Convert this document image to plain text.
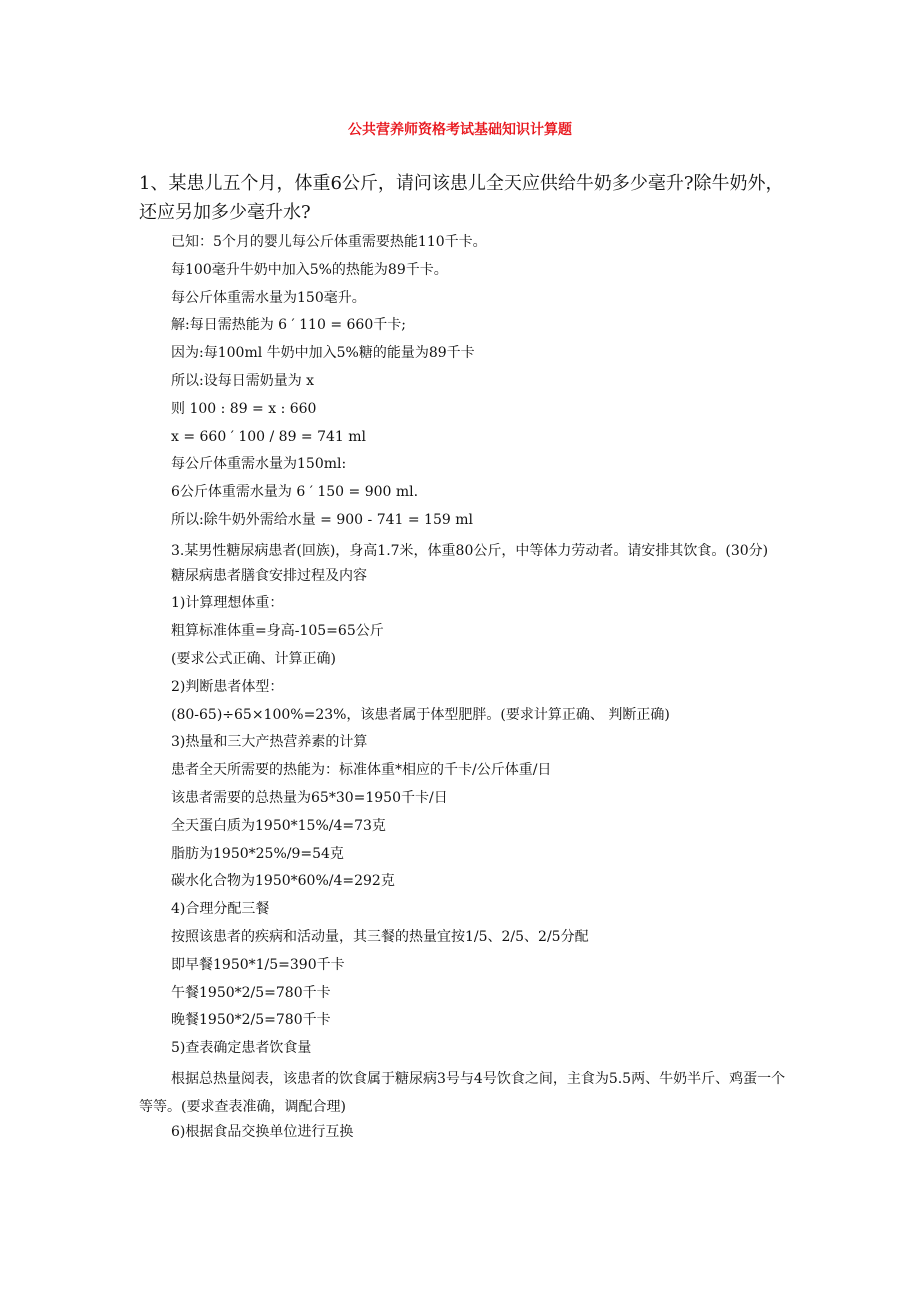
公共营养师资格考试基础知识计算题
1、某患儿五个月，体重6公斤，请问该患儿全天应供给牛奶多少毫升?除牛奶外，还应另加多少毫升水?
已知：5个月的婴儿每公斤体重需要热能110千卡。
每100毫升牛奶中加入5%的热能为89千卡。
每公斤体重需水量为150毫升。
解:每日需热能为 6 ′ 110 = 660千卡;
因为:每100ml 牛奶中加入5%糖的能量为89千卡
所以:设每日需奶量为 x
则 100 : 89 = x : 660
x = 660 ′ 100 / 89 = 741 ml
每公斤体重需水量为150ml:
6公斤体重需水量为 6 ′ 150 = 900 ml.
所以:除牛奶外需给水量 = 900 - 741 = 159 ml
3.某男性糖尿病患者(回族)，身高1.7米，体重80公斤，中等体力劳动者。请安排其饮食。(30分)
糖尿病患者膳食安排过程及内容
1)计算理想体重：
粗算标准体重=身高-105=65公斤
(要求公式正确、计算正确)
2)判断患者体型：
(80-65)÷65×100%=23%，该患者属于体型肥胖。(要求计算正确、 判断正确)
3)热量和三大产热营养素的计算
患者全天所需要的热能为：标准体重*相应的千卡/公斤体重/日
该患者需要的总热量为65*30=1950千卡/日
全天蛋白质为1950*15%/4=73克
脂肪为1950*25%/9=54克
碳水化合物为1950*60%/4=292克
4)合理分配三餐
按照该患者的疾病和活动量，其三餐的热量宜按1/5、2/5、2/5分配
即早餐1950*1/5=390千卡
午餐1950*2/5=780千卡
晚餐1950*2/5=780千卡
5)查表确定患者饮食量
根据总热量阅表，该患者的饮食属于糖尿病3号与4号饮食之间，主食为5.5两、牛奶半斤、鸡蛋一个等等。(要求查表准确，调配合理)
6)根据食品交换单位进行互换
